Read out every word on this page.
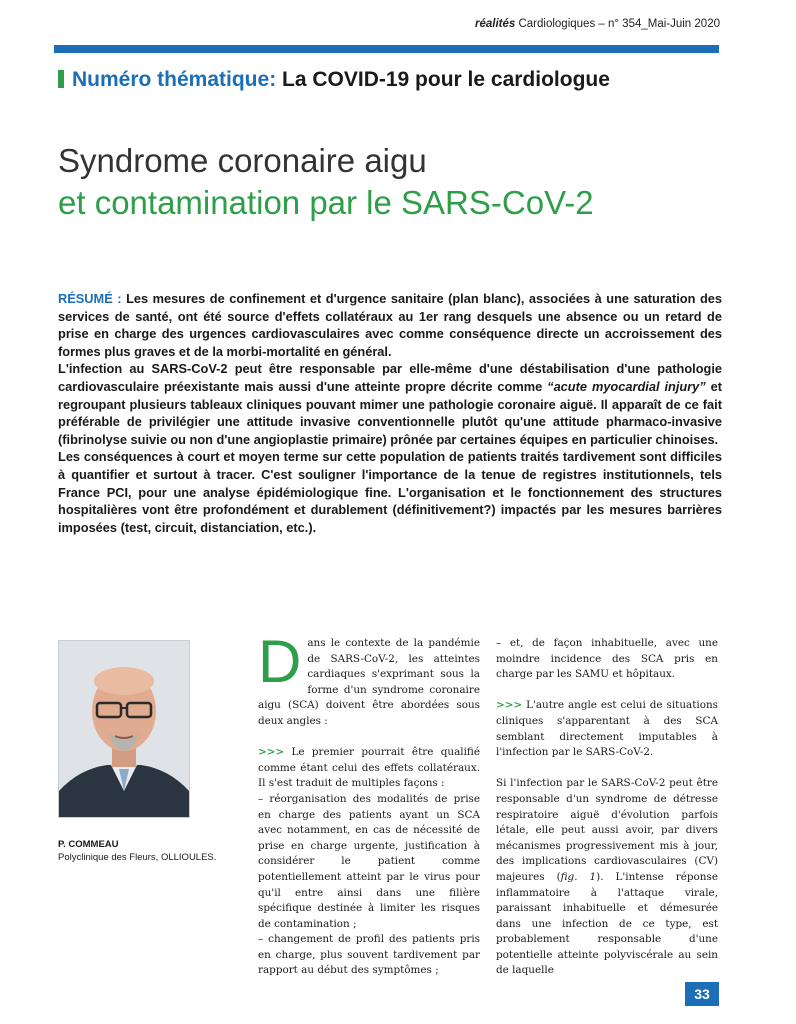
réalités Cardiologiques – n° 354_Mai-Juin 2020
Numéro thématique: La COVID-19 pour le cardiologue
Syndrome coronaire aigu
et contamination par le SARS-CoV-2

RÉSUMÉ : Les mesures de confinement et d'urgence sanitaire (plan blanc), associées à une saturation des services de santé, ont été source d'effets collatéraux au 1er rang desquels une absence ou un retard de prise en charge des urgences cardiovasculaires avec comme conséquence directe un accroissement des formes plus graves et de la morbi-mortalité en général.

L'infection au SARS-CoV-2 peut être responsable par elle-même d'une déstabilisation d'une pathologie cardiovasculaire préexistante mais aussi d'une atteinte propre décrite comme “acute myocardial injury” et regroupant plusieurs tableaux cliniques pouvant mimer une pathologie coronaire aiguë. Il apparaît de ce fait préférable de privilégier une attitude invasive conventionnelle plutôt qu'une attitude pharmaco-invasive (fibrinolyse suivie ou non d'une angioplastie primaire) prônée par certaines équipes en particulier chinoises.

Les conséquences à court et moyen terme sur cette population de patients traités tardivement sont difficiles à quantifier et surtout à tracer. C'est souligner l'importance de la tenue de registres institutionnels, tels France PCI, pour une analyse épidémiologique fine. L'organisation et le fonctionnement des structures hospitalières vont être profondément et durablement (définitivement?) impactés par les mesures barrières imposées (test, circuit, distanciation, etc.).

P. COMMEAU
Polyclinique des Fleurs, OLLIOULES.

Dans le contexte de la pandémie de SARS-CoV-2, les atteintes cardiaques s'exprimant sous la forme d'un syndrome coronaire aigu (SCA) doivent être abordées sous deux angles :

>>> Le premier pourrait être qualifié comme étant celui des effets collatéraux. Il s'est traduit de multiples façons :

– réorganisation des modalités de prise en charge des patients ayant un SCA avec notamment, en cas de nécessité de prise en charge urgente, justification à considérer le patient comme potentiellement atteint par le virus pour qu'il entre ainsi dans une filière spécifique destinée à limiter les risques de contamination ;

– changement de profil des patients pris en charge, plus souvent tardivement par rapport au début des symptômes ;

– et, de façon inhabituelle, avec une moindre incidence des SCA pris en charge par les SAMU et hôpitaux.

>>> L'autre angle est celui de situations cliniques s'apparentant à des SCA semblant directement imputables à l'infection par le SARS-CoV-2.

Si l'infection par le SARS-CoV-2 peut être responsable d'un syndrome de détresse respiratoire aiguë d'évolution parfois létale, elle peut aussi avoir, par divers mécanismes progressivement mis à jour, des implications cardiovasculaires (CV) majeures (fig. 1). L'intense réponse inflammatoire à l'attaque virale, paraissant inhabituelle et démesurée dans une infection de ce type, est probablement responsable d'une potentielle atteinte polyviscérale au sein de laquelle

33
